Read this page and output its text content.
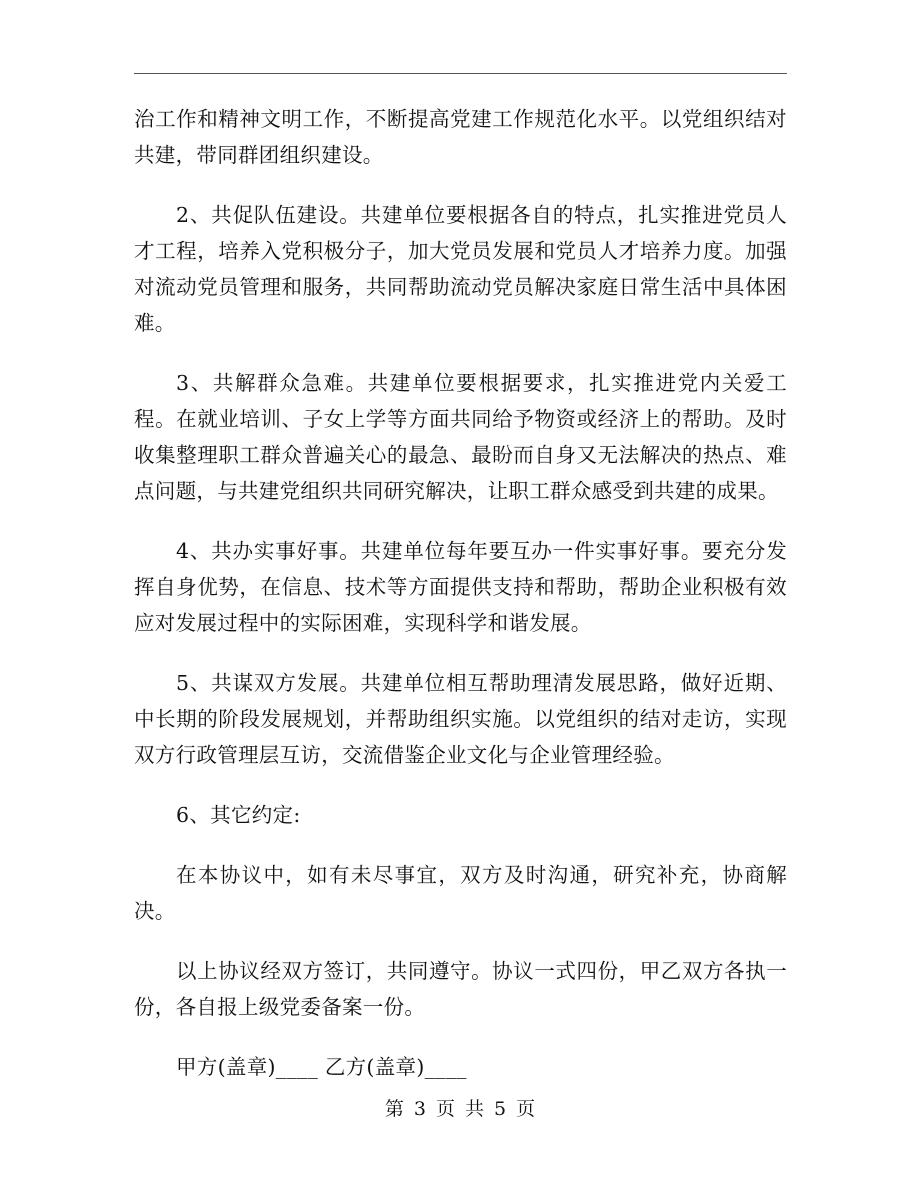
治工作和精神文明工作，不断提高党建工作规范化水平。以党组织结对共建，带同群团组织建设。

2、共促队伍建设。共建单位要根据各自的特点，扎实推进党员人才工程，培养入党积极分子，加大党员发展和党员人才培养力度。加强对流动党员管理和服务，共同帮助流动党员解决家庭日常生活中具体困难。

3、共解群众急难。共建单位要根据要求，扎实推进党内关爱工程。在就业培训、子女上学等方面共同给予物资或经济上的帮助。及时收集整理职工群众普遍关心的最急、最盼而自身又无法解决的热点、难点问题，与共建党组织共同研究解决，让职工群众感受到共建的成果。

4、共办实事好事。共建单位每年要互办一件实事好事。要充分发挥自身优势，在信息、技术等方面提供支持和帮助，帮助企业积极有效应对发展过程中的实际困难，实现科学和谐发展。

5、共谋双方发展。共建单位相互帮助理清发展思路，做好近期、中长期的阶段发展规划，并帮助组织实施。以党组织的结对走访，实现双方行政管理层互访，交流借鉴企业文化与企业管理经验。

6、其它约定:

在本协议中，如有未尽事宜，双方及时沟通，研究补充，协商解决。

以上协议经双方签订，共同遵守。协议一式四份，甲乙双方各执一份，各自报上级党委备案一份。

甲方(盖章)____ 乙方(盖章)____

第 3 页 共 5 页
